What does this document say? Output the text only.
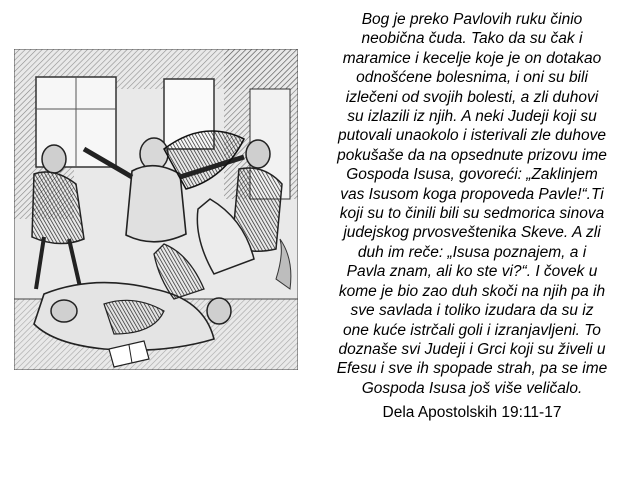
Bog je preko Pavlovih ruku činio
neobična čuda. Tako da su čak i
maramice i kecelje koje je on dotakao
odnošćene bolesnima, i oni su bili
izlečeni od svojih bolesti, a zli duhovi
su izlazili iz njih. A neki Judeji koji su
putovali unaokolo i isterivali zle duhove
pokušaše da na opsednute prizovu ime
Gospoda Isusa, govoreći: „Zaklinjem
vas Isusom koga propoveda Pavle!“.Ti
koji su to činili bili su sedmorica sinova
judejskog prvosveštenika Skeve. A zli
duh im reče: „Isusa poznajem, a i
Pavla znam, ali ko ste vi?“. I čovek u
kome je bio zao duh skoči na njih pa ih
sve savlada i toliko izudara da su iz
one kuće istrčali goli i izranjavljeni. To
doznaše svi Judeji i Grci koji su živeli u
Efesu i sve ih spopade strah, pa se ime
Gospoda Isusa još više veličalo.

Dela Apostolskih 19:11-17
